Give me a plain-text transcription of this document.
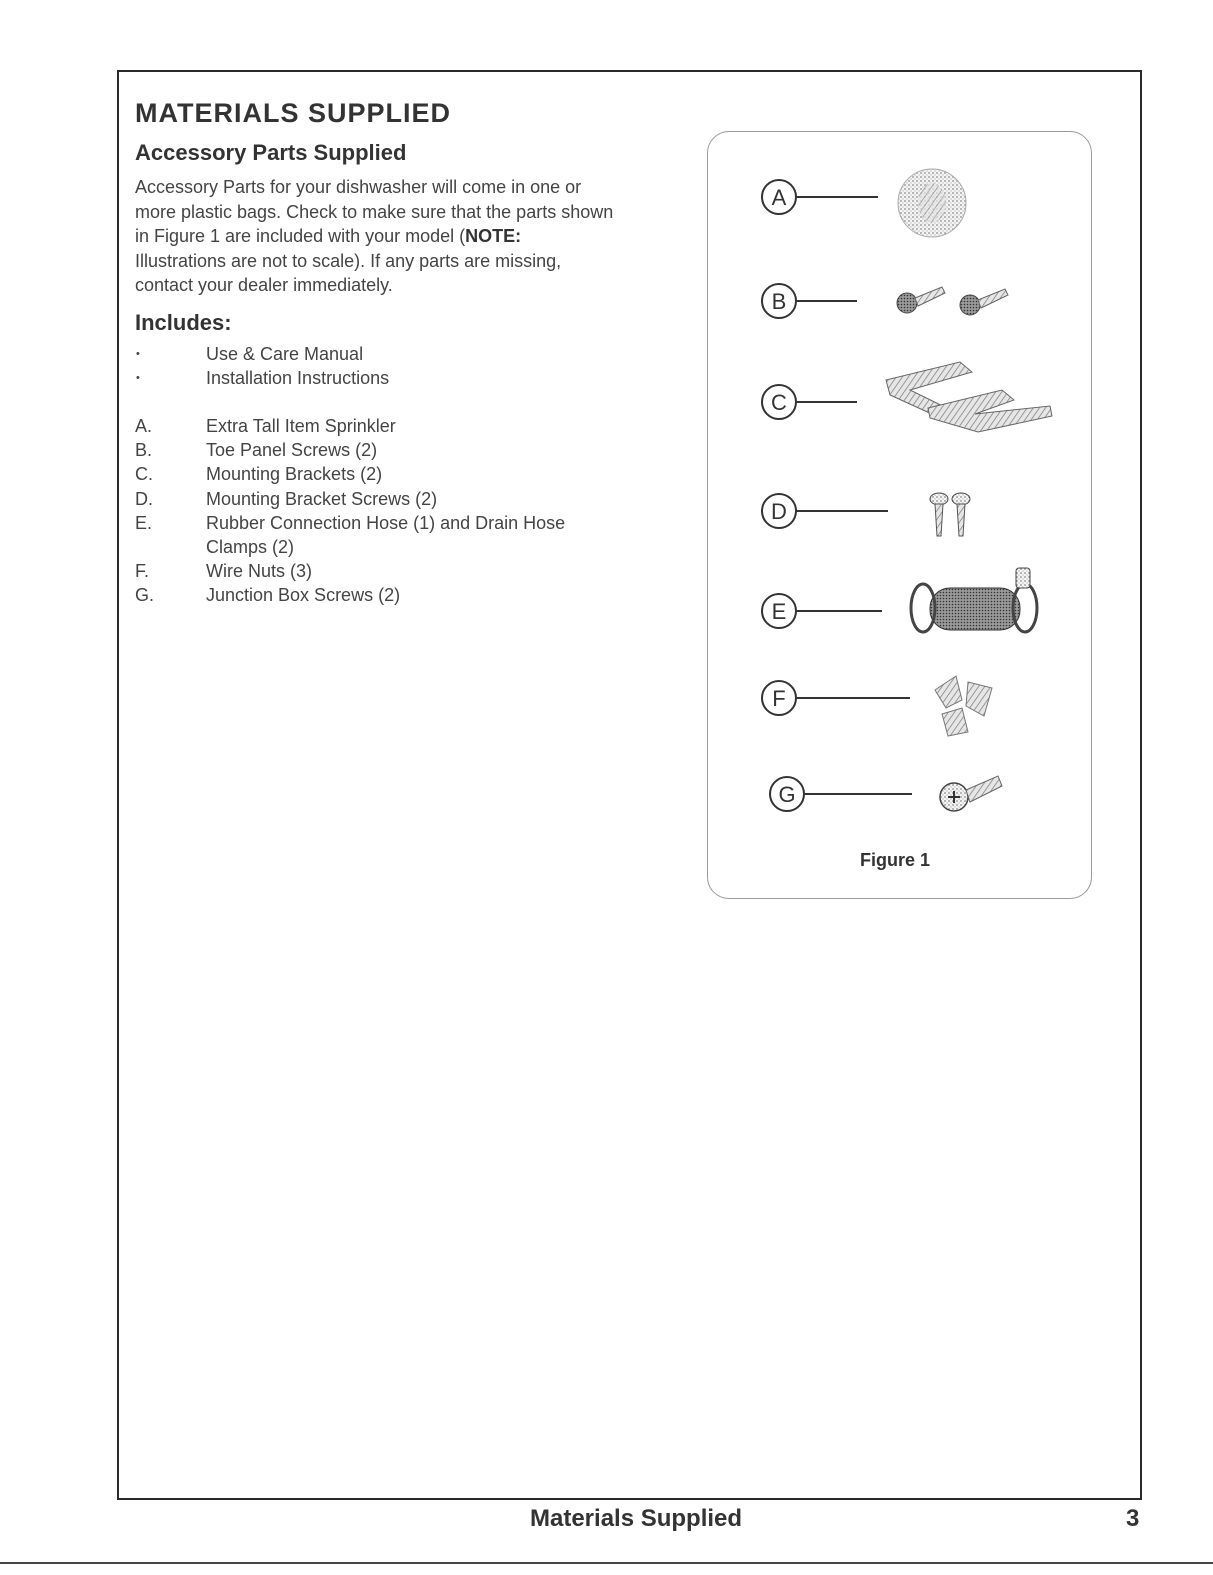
MATERIALS SUPPLIED
Accessory Parts Supplied

Accessory Parts for your dishwasher will come in one or more plastic bags. Check to make sure that the parts shown in Figure 1 are included with your model (NOTE: Illustrations are not to scale). If any parts are missing, contact your dealer immediately.

Includes:
•	Use & Care Manual
•	Installation Instructions
A.	Extra Tall Item Sprinkler
B.	Toe Panel Screws (2)
C.	Mounting Brackets (2)
D.	Mounting Bracket Screws (2)
E.	Rubber Connection Hose (1) and Drain Hose Clamps (2)
F.	Wire Nuts (3)
G.	Junction Box Screws (2)
A
B
C
D
E
F
G
Figure 1
Materials Supplied	3
